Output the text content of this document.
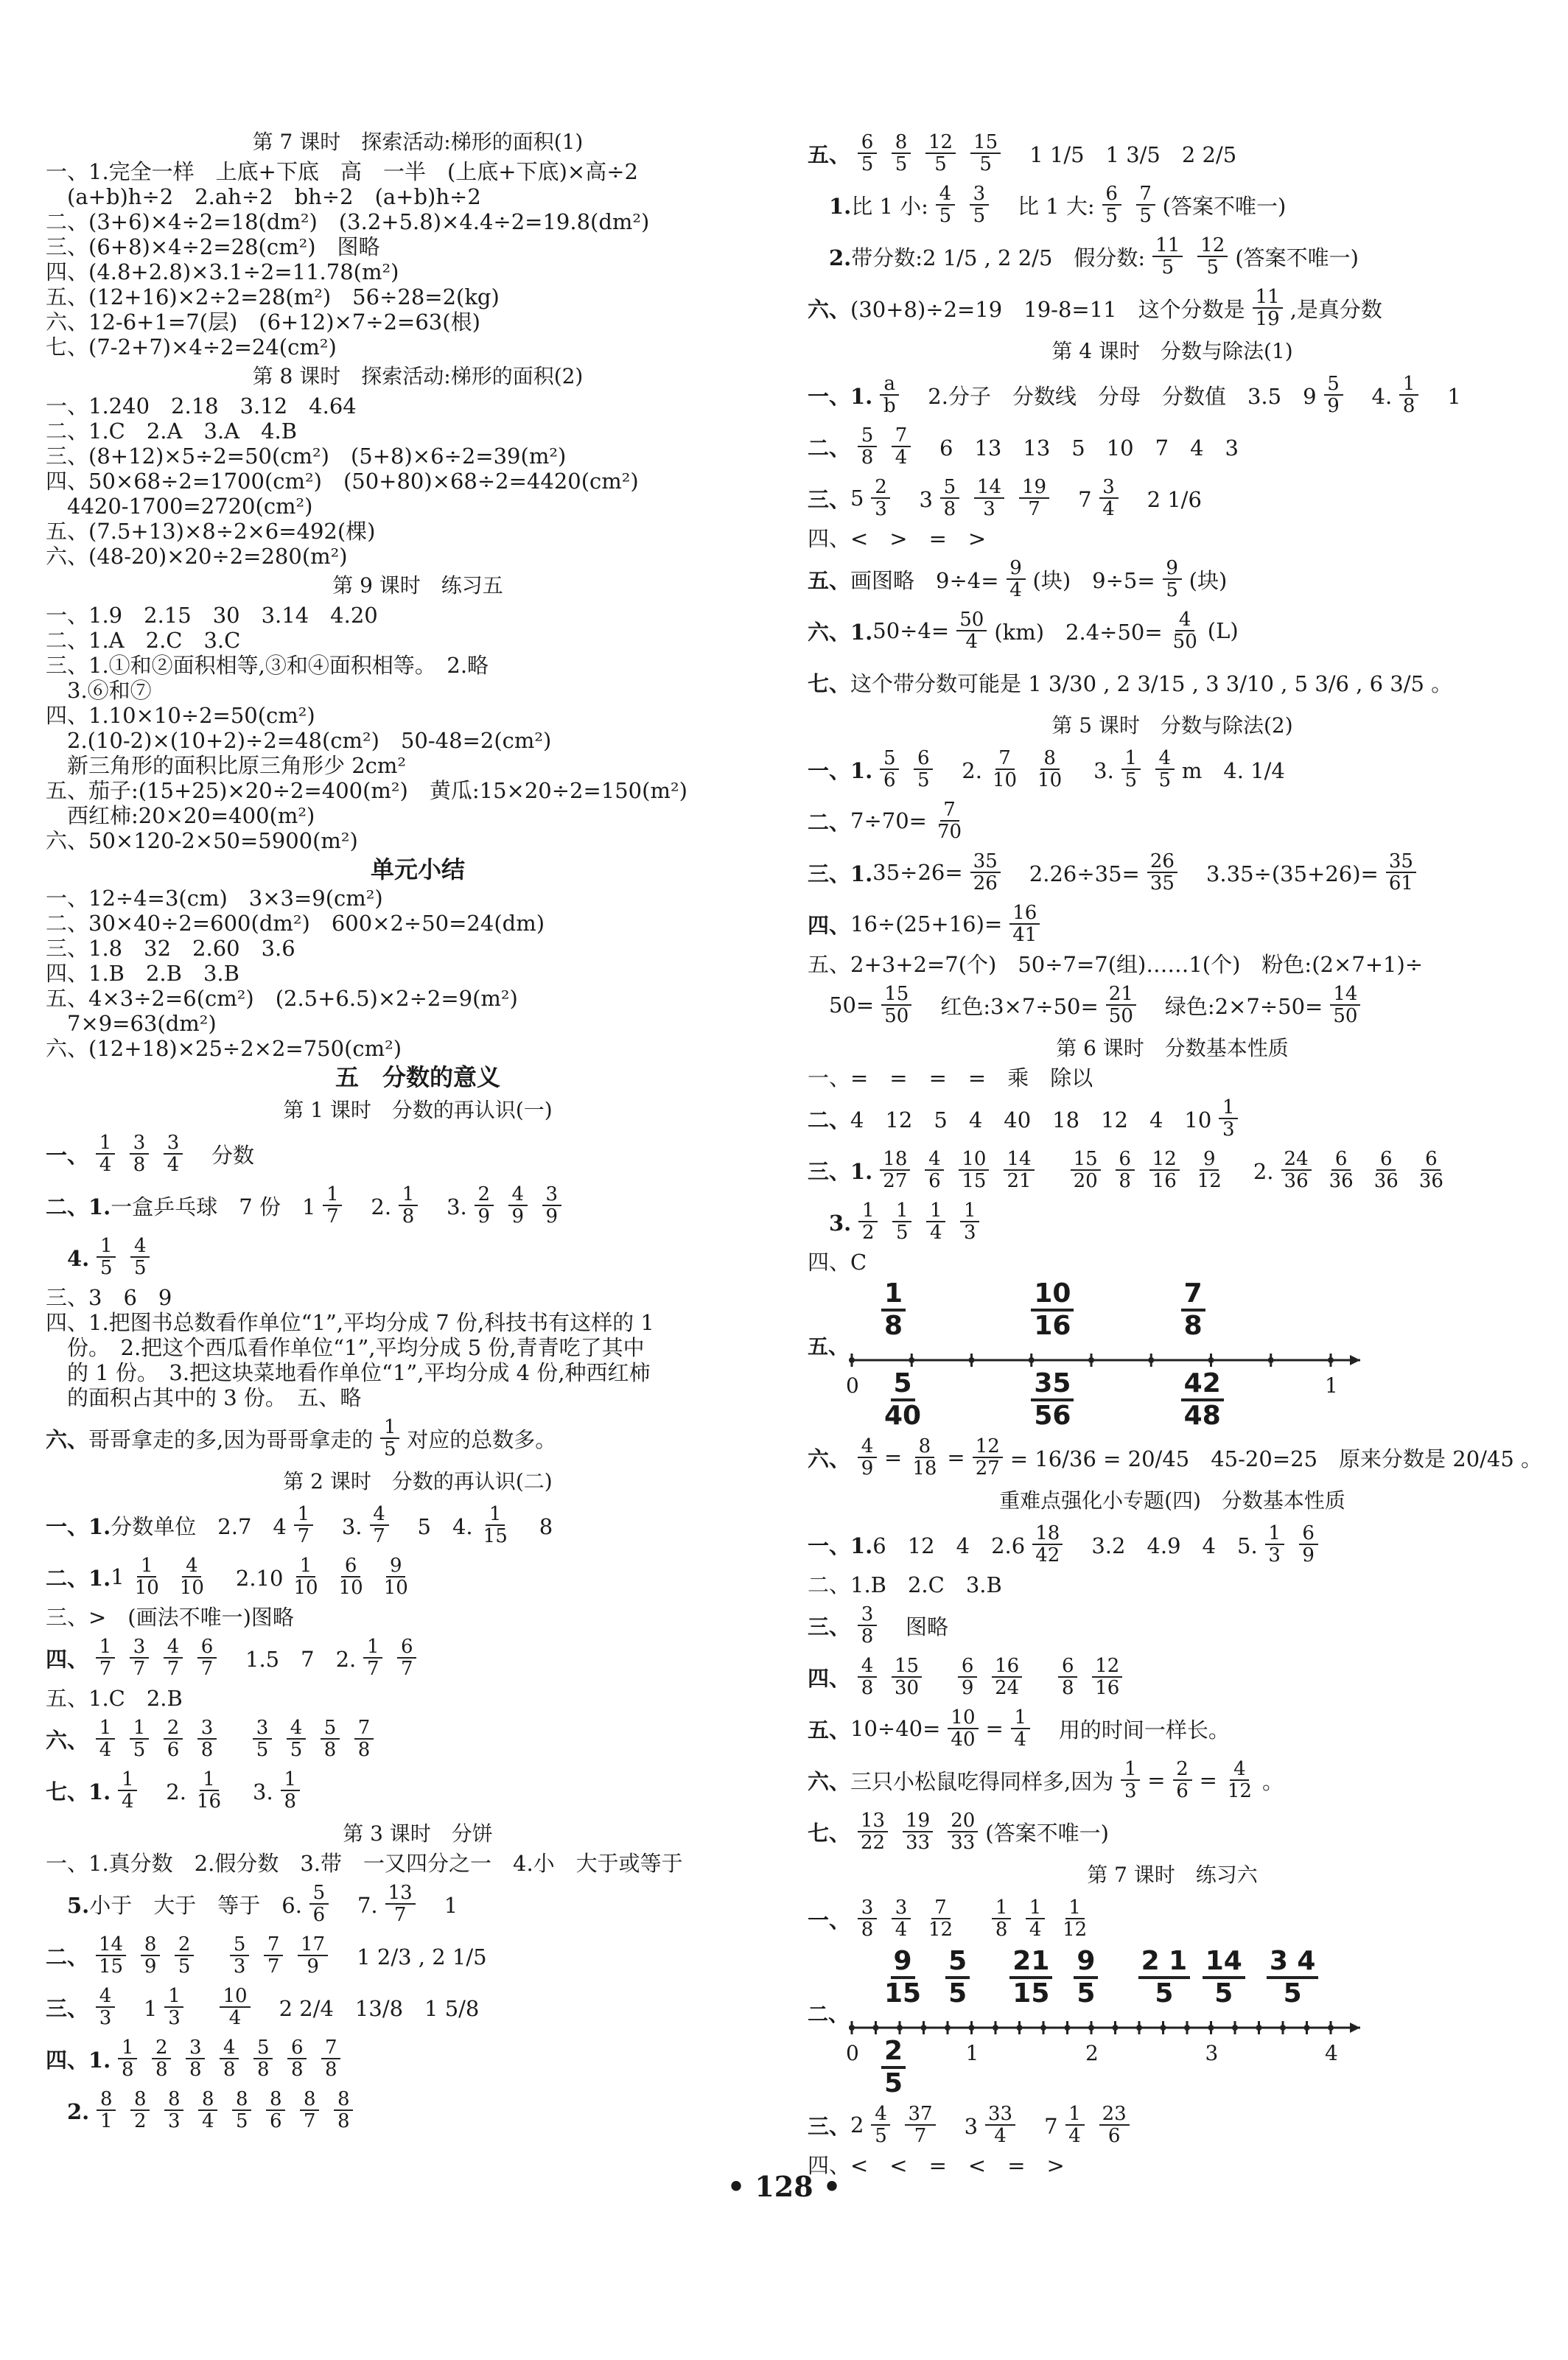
第 7 课时　探索活动:梯形的面积(1)
一、1.完全一样　上底+下底　高　一半　(上底+下底)×高÷2
　(a+b)h÷2　2.ah÷2　bh÷2　(a+b)h÷2
二、(3+6)×4÷2=18(dm²)　(3.2+5.8)×4.4÷2=19.8(dm²)
三、(6+8)×4÷2=28(cm²)　图略
四、(4.8+2.8)×3.1÷2=11.78(m²)
五、(12+16)×2÷2=28(m²)　56÷28=2(kg)
六、12-6+1=7(层)　(6+12)×7÷2=63(根)
七、(7-2+7)×4÷2=24(cm²)
第 8 课时　探索活动:梯形的面积(2)
一、1.240　2.18　3.12　4.64
二、1.C　2.A　3.A　4.B
三、(8+12)×5÷2=50(cm²)　(5+8)×6÷2=39(m²)
四、50×68÷2=1700(cm²)　(50+80)×68÷2=4420(cm²)
　4420-1700=2720(cm²)
五、(7.5+13)×8÷2×6=492(棵)
六、(48-20)×20÷2=280(m²)
第 9 课时　练习五
一、1.9　2.15　30　3.14　4.20
二、1.A　2.C　3.C
三、1.①和②面积相等,③和④面积相等。　2.略
　3.⑥和⑦
四、1.10×10÷2=50(cm²)
　2.(10-2)×(10+2)÷2=48(cm²)　50-48=2(cm²)
　新三角形的面积比原三角形少 2cm²
五、茄子:(15+25)×20÷2=400(m²)　黄瓜:15×20÷2=150(m²)
　西红柿:20×20=400(m²)
六、50×120-2×50=5900(m²)
单元小结
一、12÷4=3(cm)　3×3=9(cm²)
二、30×40÷2=600(dm²)　600×2÷50=24(dm)
三、1.8　32　2.60　3.6
四、1.B　2.B　3.B
五、4×3÷2=6(cm²)　(2.5+6.5)×2÷2=9(m²)
　7×9=63(dm²)
六、(12+18)×25÷2×2=750(cm²)
五　分数的意义
第 1 课时　分数的再认识(一)
一、 $\frac{1}{4} \frac{3}{8} \frac{3}{4}$ 　分数
二、1. 一盒乒乓球　7 份　$1 \frac{1}{7}$ 　2. $\frac{1}{8}$ 　3. $\frac{2}{9} \frac{4}{9} \frac{3}{9}$
　4. $\frac{1}{5} \frac{4}{5}$
三、3　6　9
四、1.把图书总数看作单位“1”,平均分成 7 份,科技书有这样的 1
　份。　2.把这个西瓜看作单位“1”,平均分成 5 份,青青吃了其中
　的 1 份。　3.把这块菜地看作单位“1”,平均分成 4 份,种西红柿
　的面积占其中的 3 份。　五、略
六、 哥哥拿走的多,因为哥哥拿走的 $\frac{1}{5}$ 对应的总数多。
第 2 课时　分数的再认识(二)
一、1. 分数单位　2.7　$4 \frac{1}{7}$ 　3. $\frac{4}{7}$ 　5　4. $\frac{1}{15}$ 　8
二、1. $1 \frac{1}{10} \frac{4}{10}$ 　$2.10 \frac{1}{10} \frac{6}{10} \frac{9}{10}$
三、>　(画法不唯一)图略
四、 $\frac{1}{7} \frac{3}{7} \frac{4}{7} \frac{6}{7}$ 　1.5　7　2. $\frac{1}{7} \frac{6}{7}$
五、1.C　2.B
六、 $\frac{1}{4} \frac{1}{5} \frac{2}{6} \frac{3}{8}$
　 $\frac{3}{5} \frac{4}{5} \frac{5}{8} \frac{7}{8}$
七、1. $\frac{1}{4}$ 　2. $\frac{1}{16}$ 　3. $\frac{1}{8}$
第 3 课时　分饼
一、1.真分数　2.假分数　3.带　一又四分之一　4.小　大于或等于
　5. 小于　大于　等于　6. $\frac{5}{6}$ 　7. $\frac{13}{7}$ 　1
二、 $\frac{14}{15} \frac{8}{9} \frac{2}{5}$
　 $\frac{5}{3} \frac{7}{7} \frac{17}{9}$ 　1 2/3 , 2 1/5
三、 $\frac{4}{3}$ 　$1 \frac{1}{3}$
　 $\frac{10}{4}$ 　2 2/4　13/8　1 5/8
四、1. $\frac{1}{8} \frac{2}{8} \frac{3}{8} \frac{4}{8} \frac{5}{8} \frac{6}{8} \frac{7}{8}$
　2. $\frac{8}{1} \frac{8}{2} \frac{8}{3} \frac{8}{4} \frac{8}{5} \frac{8}{6} \frac{8}{7} \frac{8}{8}$
五、 $\frac{6}{5} \frac{8}{5} \frac{12}{5} \frac{15}{5}$ 　1 1/5　1 3/5　2 2/5
　1. 比 1 小: $\frac{4}{5} \frac{3}{5}$ 　比 1 大: $\frac{6}{5} \frac{7}{5}$ (答案不唯一)
　2. 带分数:2 1/5 , 2 2/5　假分数: $\frac{11}{5} \frac{12}{5}$ (答案不唯一)
六、 (30+8)÷2=19　19-8=11　这个分数是 $\frac{11}{19}$ ,是真分数
第 4 课时　分数与除法(1)
一、1. $\frac{a}{b}$ 　2.分子　分数线　分母　分数值　3.5　$9 \frac{5}{9}$ 　4. $\frac{1}{8}$ 　1
二、 $\frac{5}{8} \frac{7}{4}$ 　6　13　13　5　10　7　4　3
三、 $5 \frac{2}{3}$ 　$3 \frac{5}{8} \frac{14}{3} \frac{19}{7}$ 　$7 \frac{3}{4}$ 　2 1/6
四、<　>　=　>
五、 画图略　$9\div 4= \frac{9}{4}$ (块)　$9\div 5= \frac{9}{5}$ (块)
六、1. $50\div 4= \frac{50}{4} (km)$　$2.4\div 50= \frac{4}{50} (L)$
七、 这个带分数可能是 1 3/30 , 2 3/15 , 3 3/10 , 5 3/6 , 6 3/5 。
第 5 课时　分数与除法(2)
一、1. $\frac{5}{6} \frac{6}{5}$ 　2. $\frac{7}{10} \frac{8}{10}$ 　3. $\frac{1}{5} \frac{4}{5}$ m　4. 1/4
二、 $7\div 70= \frac{7}{70}$
三、1. $35\div 26= \frac{35}{26}$ 　$2.26\div 35= \frac{26}{35}$ 　$3.35\div(35+26)= \frac{35}{61}$
四、 $16\div(25+16)= \frac{16}{41}$
五、2+3+2=7(个)　50÷7=7(组)……1(个)　粉色:(2×7+1)÷

$50= \frac{15}{50}$ 　红色:3×7÷50= $\frac{21}{50}$ 　绿色:2×7÷50= $\frac{14}{50}$
第 6 课时　分数基本性质
一、=　=　=　=　乘　除以
二、 4　12　5　4　40　18　12　4　$10 \frac{1}{3}$
三、1. $\frac{18}{27} \frac{4}{6} \frac{10}{15} \frac{14}{21}$
　 $\frac{15}{20} \frac{6}{8} \frac{12}{16} \frac{9}{12}$ 　2. $\frac{24}{36} \frac{6}{36} \frac{6}{36} \frac{6}{36}$
　3. $\frac{1}{2} \frac{1}{5} \frac{1}{4} \frac{1}{3}$
四、C
五、
0	1
$\frac{1}{8}$	$\frac{10}{16}$	$\frac{7}{8}$
$\frac{5}{40}$	$\frac{35}{56}$	$\frac{42}{48}$
六、 $\frac{4}{9} = \frac{8}{18} = \frac{12}{27} = 16/36 = 20/45$　45-20=25　原来分数是 20/45 。
重难点强化小专题(四)　分数基本性质
一、1. 6　12　4　$2.6 \frac{18}{42}$ 　3.2　4.9　4　5. $\frac{1}{3} \frac{6}{9}$
二、1.B　2.C　3.B
三、 $\frac{3}{8}$ 　图略
四、 $\frac{4}{8} \frac{15}{30}$
　 $\frac{6}{9} \frac{16}{24}$
　 $\frac{6}{8} \frac{12}{16}$
五、 $10\div 40= \frac{10}{40} = \frac{1}{4}$ 　用的时间一样长。
六、 三只小松鼠吃得同样多,因为 $\frac{1}{3} = \frac{2}{6} = \frac{4}{12}$ 。
七、 $\frac{13}{22} \frac{19}{33} \frac{20}{33}$ (答案不唯一)
第 7 课时　练习六
一、 $\frac{3}{8} \frac{3}{4} \frac{7}{12}$
　 $\frac{1}{8} \frac{1}{4} \frac{1}{12}$
二、
0	1	2	3	4
$\frac{9}{15} \frac{5}{5} \frac{21}{15} \frac{9}{5} \frac{2 1}{5} \frac{14}{5} \frac{3 4}{5}$
$\frac{2}{5}$
三、 $2 \frac{4}{5} \frac{37}{7}$ 　$3 \frac{33}{4}$ 　$7 \frac{1}{4} \frac{23}{6}$
四、<　<　=　<　=　>
• 128 •
